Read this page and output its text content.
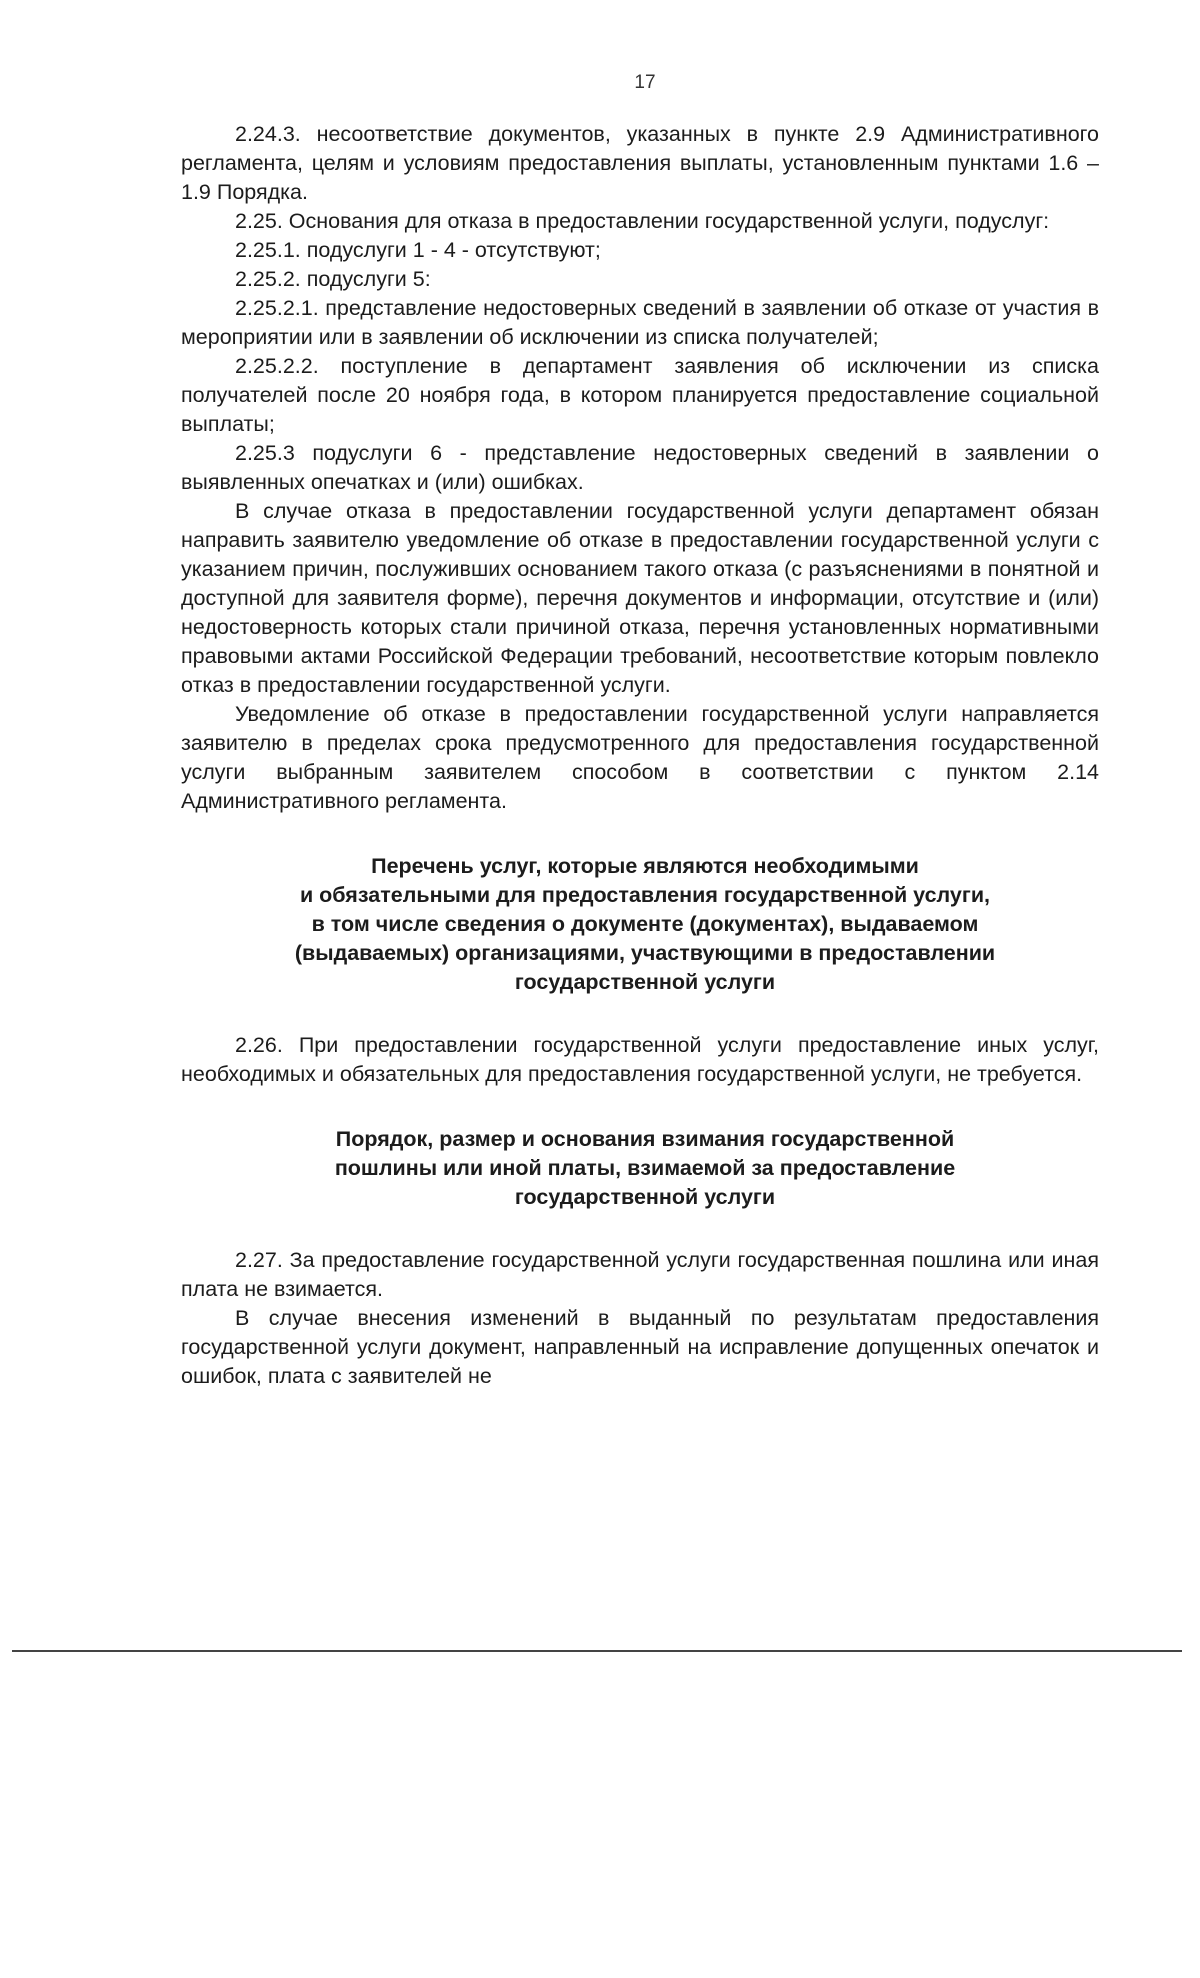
17

2.24.3. несоответствие документов, указанных в пункте 2.9 Административного регламента, целям и условиям предоставления выплаты, установленным пунктами 1.6 – 1.9 Порядка.

2.25. Основания для отказа в предоставлении государственной услуги, подуслуг:

2.25.1. подуслуги 1 - 4 - отсутствуют;

2.25.2. подуслуги 5:

2.25.2.1. представление недостоверных сведений в заявлении об отказе от участия в мероприятии или в заявлении об исключении из списка получателей;

2.25.2.2. поступление в департамент заявления об исключении из списка получателей после 20 ноября года, в котором планируется предоставление социальной выплаты;

2.25.3 подуслуги 6 - представление недостоверных сведений в заявлении о выявленных опечатках и (или) ошибках.

В случае отказа в предоставлении государственной услуги департамент обязан направить заявителю уведомление об отказе в предоставлении государственной услуги с указанием причин, послуживших основанием такого отказа (с разъяснениями в понятной и доступной для заявителя форме), перечня документов и информации, отсутствие и (или) недостоверность которых стали причиной отказа, перечня установленных нормативными правовыми актами Российской Федерации требований, несоответствие которым повлекло отказ в предоставлении государственной услуги.

Уведомление об отказе в предоставлении государственной услуги направляется заявителю в пределах срока предусмотренного для предоставления государственной услуги выбранным заявителем способом в соответствии с пунктом 2.14 Административного регламента.

Перечень услуг, которые являются необходимыми
и обязательными для предоставления государственной услуги,
в том числе сведения о документе (документах), выдаваемом
(выдаваемых) организациями, участвующими в предоставлении
государственной услуги

2.26. При предоставлении государственной услуги предоставление иных услуг, необходимых и обязательных для предоставления государственной услуги, не требуется.

Порядок, размер и основания взимания государственной
пошлины или иной платы, взимаемой за предоставление
государственной услуги

2.27. За предоставление государственной услуги государственная пошлина или иная плата не взимается.

В случае внесения изменений в выданный по результатам предоставления государственной услуги документ, направленный на исправление допущенных опечаток и ошибок, плата с заявителей не
